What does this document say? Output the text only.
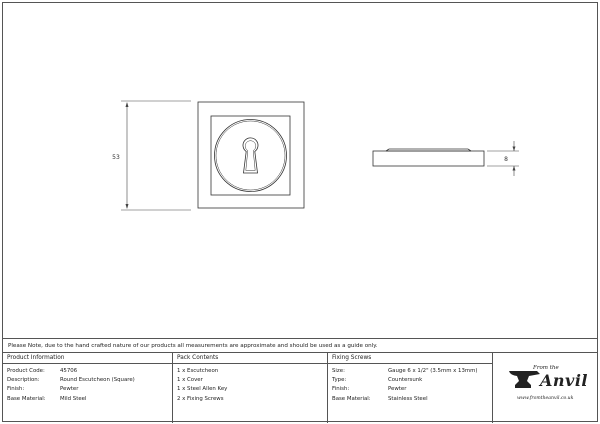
53	8
Please Note, due to the hand crafted nature of our products all measurements are approximate and should be used as a guide only.
Product Information
Product Code:	45706
Description:	Round Escutcheon (Square)
Finish:	Pewter
Base Material:	Mild Steel
Pack Contents
1 x Escutcheon
1 x Cover
1 x Steel Allen Key
2 x Fixing Screws
Fixing Screws
Size:	Gauge 6 x 1/2" (3.5mm x 13mm)
Type:	Countersunk
Finish:	Pewter
Base Material:	Stainless Steel
From the
Anvil
www.fromtheanvil.co.uk
